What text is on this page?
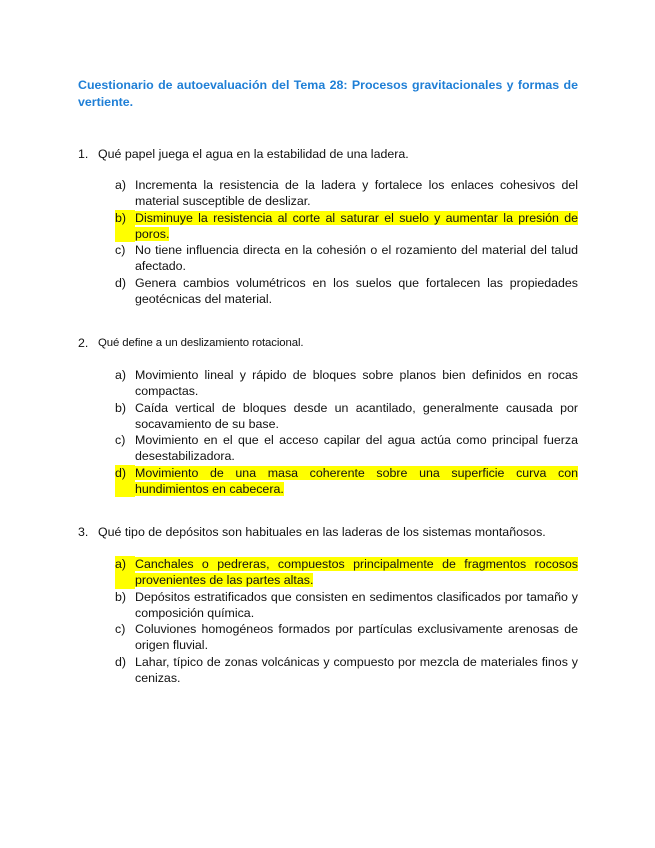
Cuestionario de autoevaluación del Tema 28: Procesos gravitacionales y formas de vertiente.
1. Qué papel juega el agua en la estabilidad de una ladera.
a) Incrementa la resistencia de la ladera y fortalece los enlaces cohesivos del material susceptible de deslizar.
b) Disminuye la resistencia al corte al saturar el suelo y aumentar la presión de poros.
c) No tiene influencia directa en la cohesión o el rozamiento del material del talud afectado.
d) Genera cambios volumétricos en los suelos que fortalecen las propiedades geotécnicas del material.
2. Qué define a un deslizamiento rotacional.
a) Movimiento lineal y rápido de bloques sobre planos bien definidos en rocas compactas.
b) Caída vertical de bloques desde un acantilado, generalmente causada por socavamiento de su base.
c) Movimiento en el que el acceso capilar del agua actúa como principal fuerza desestabilizadora.
d) Movimiento de una masa coherente sobre una superficie curva con hundimientos en cabecera.
3. Qué tipo de depósitos son habituales en las laderas de los sistemas montañosos.
a) Canchales o pedreras, compuestos principalmente de fragmentos rocosos provenientes de las partes altas.
b) Depósitos estratificados que consisten en sedimentos clasificados por tamaño y composición química.
c) Coluviones homogéneos formados por partículas exclusivamente arenosas de origen fluvial.
d) Lahar, típico de zonas volcánicas y compuesto por mezcla de materiales finos y cenizas.
